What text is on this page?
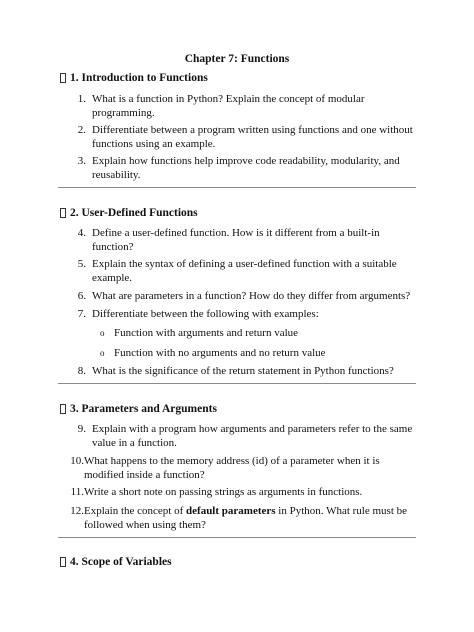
Chapter 7: Functions
1. Introduction to Functions
1. What is a function in Python? Explain the concept of modular programming.
2. Differentiate between a program written using functions and one without functions using an example.
3. Explain how functions help improve code readability, modularity, and reusability.
2. User-Defined Functions
4. Define a user-defined function. How is it different from a built-in function?
5. Explain the syntax of defining a user-defined function with a suitable example.
6. What are parameters in a function? How do they differ from arguments?
7. Differentiate between the following with examples:
o Function with arguments and return value
o Function with no arguments and no return value
8. What is the significance of the return statement in Python functions?
3. Parameters and Arguments
9. Explain with a program how arguments and parameters refer to the same value in a function.
10. What happens to the memory address (id) of a parameter when it is modified inside a function?
11. Write a short note on passing strings as arguments in functions.
12. Explain the concept of default parameters in Python. What rule must be followed when using them?
4. Scope of Variables
